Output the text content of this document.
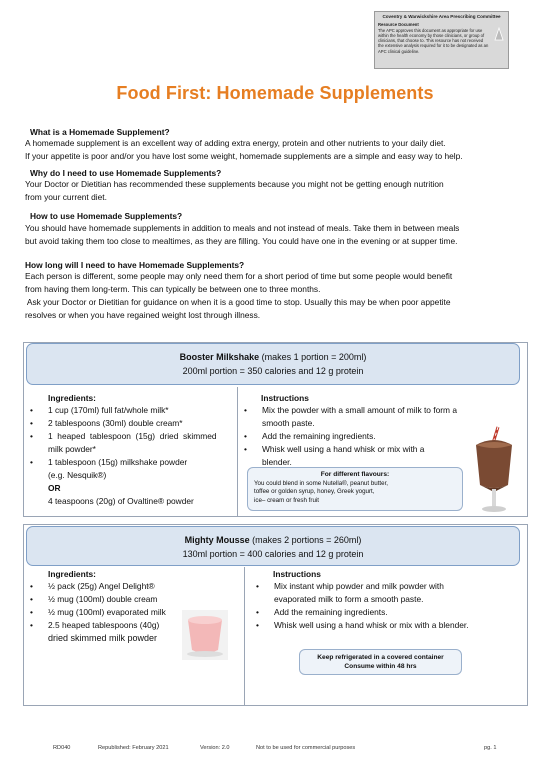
Coventry & Warwickshire Area Prescribing Committee
Resource Document
The APC approves this document as appropriate for use within the health economy by those clinicians, or group of clinicians, that choose to. This resource has not received the extensive analysis required for it to be designated as an APC clinical guideline.
Food First: Homemade Supplements
What is a Homemade Supplement?
A homemade supplement is an excellent way of adding extra energy, protein and other nutrients to your daily diet.
If your appetite is poor and/or you have lost some weight, homemade supplements are a simple and easy way to help.
Why do I need to use Homemade Supplements?
Your Doctor or Dietitian has recommended these supplements because you might not be getting enough nutrition
from your current diet.
How to use Homemade Supplements?
You should have homemade supplements in addition to meals and not instead of meals. Take them in between meals
but avoid taking them too close to mealtimes, as they are filling. You could have one in the evening or at supper time.
How long will I need to have Homemade Supplements?
Each person is different, some people may only need them for a short period of time but some people would benefit
from having them long-term. This can typically be between one to three months.
Ask your Doctor or Dietitian for guidance on when it is a good time to stop. Usually this may be when poor appetite
resolves or when you have regained weight lost through illness.
Booster Milkshake (makes 1 portion = 200ml)
200ml portion = 350 calories and 12 g protein
Ingredients:
• 1 cup (170ml) full fat/whole milk*
• 2 tablespoons (30ml) double cream*
• 1  heaped  tablespoon  (15g)  dried  skimmed
milk powder*
• 1 tablespoon (15g) milkshake powder
(e.g. Nesquik®)
OR
4 teaspoons (20g) of Ovaltine® powder
Instructions
• Mix the powder with a small amount of milk to form a
smooth paste.
• Add the remaining ingredients.
• Whisk well using a hand whisk or mix with a
blender.
For different flavours:
You could blend in some Nutella®, peanut butter,
toffee or golden syrup, honey, Greek yogurt,
ice– cream or fresh fruit
Mighty Mousse (makes 2 portions = 260ml)
130ml portion = 400 calories and 12 g protein
Ingredients:
• ½ pack (25g) Angel Delight®
• ½ mug (100ml) double cream
• ½ mug (100ml) evaporated milk
• 2.5 heaped tablespoons (40g)
dried skimmed milk powder
Instructions
• Mix instant whip powder and milk powder with
evaporated milk to form a smooth paste.
• Add the remaining ingredients.
• Whisk well using a hand whisk or mix with a blender.
Keep refrigerated in a covered container
Consume within 48 hrs
RD040	Republished: February 2021	Version: 2.0	Not to be used for commercial purposes	pg. 1
